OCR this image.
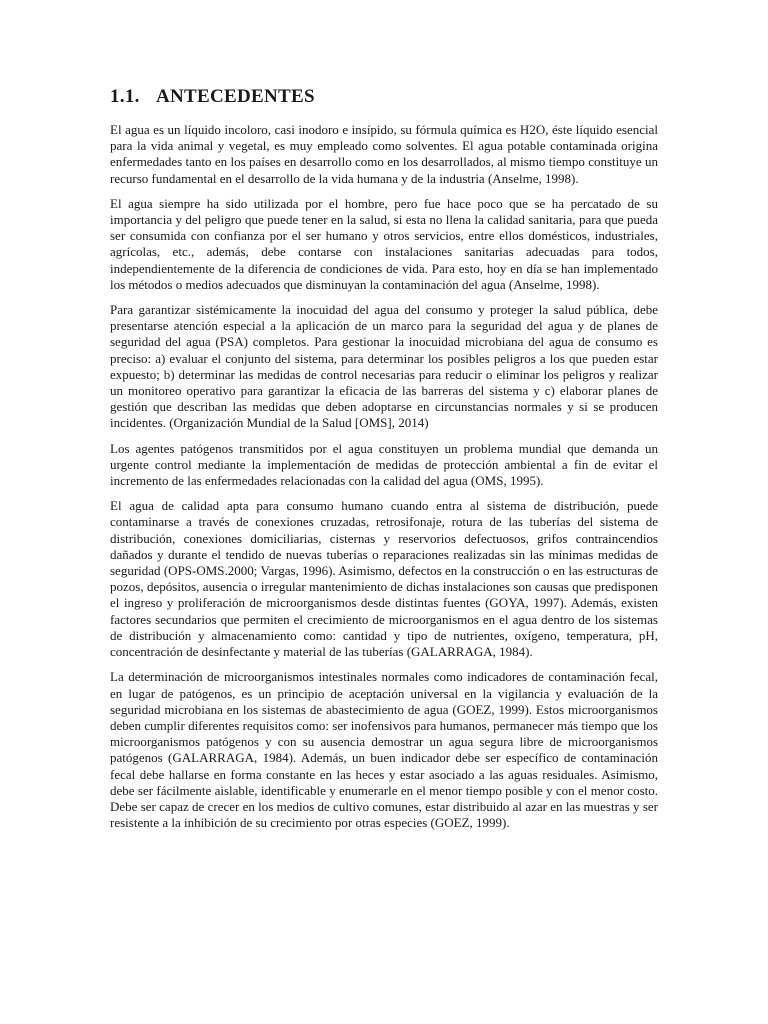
1.1. ANTECEDENTES

El agua es un líquido incoloro, casi inodoro e insípido, su fórmula química es H2O, éste líquido esencial para la vida animal y vegetal, es muy empleado como solventes. El agua potable contaminada origina enfermedades tanto en los países en desarrollo como en los desarrollados, al mismo tiempo constituye un recurso fundamental en el desarrollo de la vida humana y de la industria (Anselme, 1998).

El agua siempre ha sido utilizada por el hombre, pero fue hace poco que se ha percatado de su importancia y del peligro que puede tener en la salud, si esta no llena la calidad sanitaria, para que pueda ser consumida con confianza por el ser humano y otros servicios, entre ellos domésticos, industriales, agrícolas, etc., además, debe contarse con instalaciones sanitarias adecuadas para todos, independientemente de la diferencia de condiciones de vida. Para esto, hoy en día se han implementado los métodos o medios adecuados que disminuyan la contaminación del agua (Anselme, 1998).

Para garantizar sistémicamente la inocuidad del agua del consumo y proteger la salud pública, debe presentarse atención especial a la aplicación de un marco para la seguridad del agua y de planes de seguridad del agua (PSA) completos. Para gestionar la inocuidad microbiana del agua de consumo es preciso: a) evaluar el conjunto del sistema, para determinar los posibles peligros a los que pueden estar expuesto; b) determinar las medidas de control necesarias para reducir o eliminar los peligros y realizar un monitoreo operativo para garantizar la eficacia de las barreras del sistema y c) elaborar planes de gestión que describan las medidas que deben adoptarse en circunstancias normales y si se producen incidentes. (Organización Mundial de la Salud [OMS], 2014)

Los agentes patógenos transmitidos por el agua constituyen un problema mundial que demanda un urgente control mediante la implementación de medidas de protección ambiental a fin de evitar el incremento de las enfermedades relacionadas con la calidad del agua (OMS, 1995).

El agua de calidad apta para consumo humano cuando entra al sistema de distribución, puede contaminarse a través de conexiones cruzadas, retrosifonaje, rotura de las tuberías del sistema de distribución, conexiones domiciliarias, cisternas y reservorios defectuosos, grifos contraincendios dañados y durante el tendido de nuevas tuberías o reparaciones realizadas sin las mínimas medidas de seguridad (OPS-OMS.2000; Vargas, 1996). Asimismo, defectos en la construcción o en las estructuras de pozos, depósitos, ausencia o irregular mantenimiento de dichas instalaciones son causas que predisponen el ingreso y proliferación de microorganismos desde distintas fuentes (GOYA, 1997). Además, existen factores secundarios que permiten el crecimiento de microorganismos en el agua dentro de los sistemas de distribución y almacenamiento como: cantidad y tipo de nutrientes, oxígeno, temperatura, pH, concentración de desinfectante y material de las tuberías (GALARRAGA, 1984).

La determinación de microorganismos intestinales normales como indicadores de contaminación fecal, en lugar de patógenos, es un principio de aceptación universal en la vigilancia y evaluación de la seguridad microbiana en los sistemas de abastecimiento de agua (GOEZ, 1999). Estos microorganismos deben cumplir diferentes requisitos como: ser inofensivos para humanos, permanecer más tiempo que los microorganismos patógenos y con su ausencia demostrar un agua segura libre de microorganismos patógenos (GALARRAGA, 1984). Además, un buen indicador debe ser específico de contaminación fecal debe hallarse en forma constante en las heces y estar asociado a las aguas residuales. Asimismo, debe ser fácilmente aislable, identificable y enumerarle en el menor tiempo posible y con el menor costo. Debe ser capaz de crecer en los medios de cultivo comunes, estar distribuido al azar en las muestras y ser resistente a la inhibición de su crecimiento por otras especies (GOEZ, 1999).
